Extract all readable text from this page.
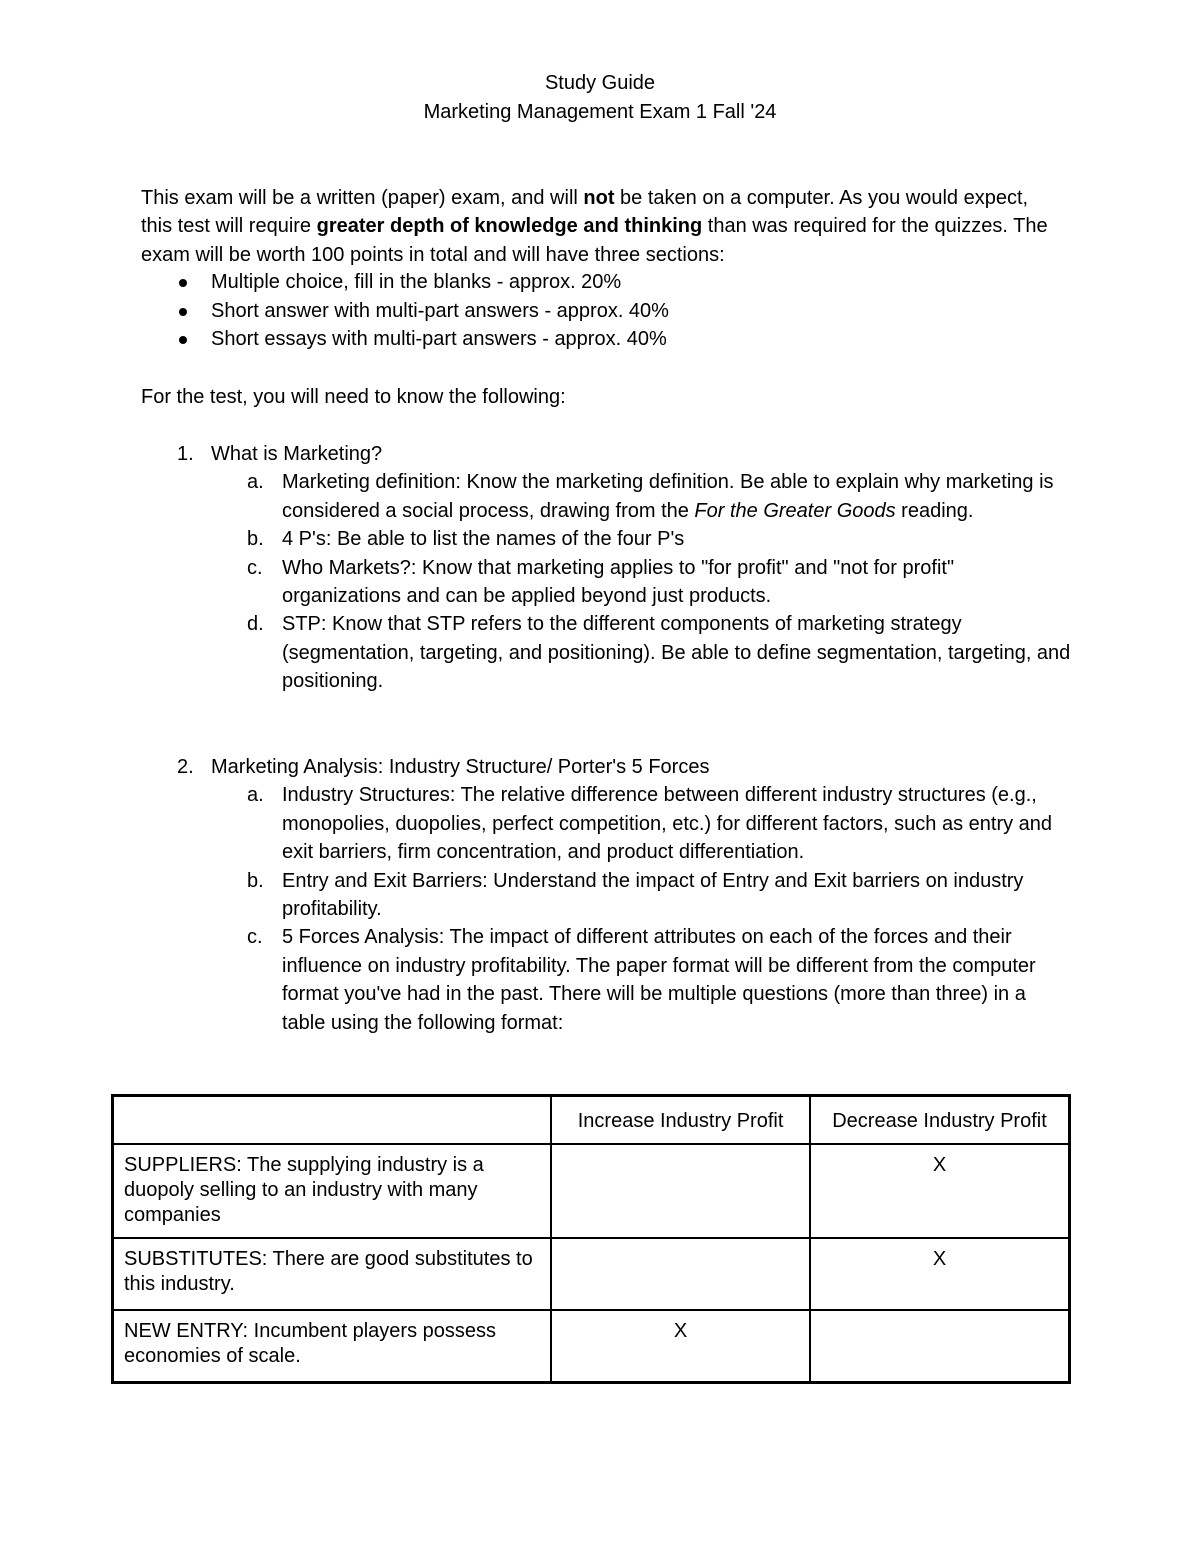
Study Guide
Marketing Management Exam 1 Fall '24

This exam will be a written (paper) exam, and will not be taken on a computer. As you would expect, this test will require greater depth of knowledge and thinking than was required for the quizzes. The exam will be worth 100 points in total and will have three sections:

Multiple choice, fill in the blanks - approx. 20%
Short answer with multi-part answers - approx. 40%
Short essays with multi-part answers - approx. 40%

For the test, you will need to know the following:

1. What is Marketing?
a. Marketing definition: Know the marketing definition. Be able to explain why marketing is considered a social process, drawing from the For the Greater Goods reading.
b. 4 P's: Be able to list the names of the four P's
c. Who Markets?: Know that marketing applies to "for profit" and "not for profit" organizations and can be applied beyond just products.
d. STP: Know that STP refers to the different components of marketing strategy (segmentation, targeting, and positioning). Be able to define segmentation, targeting, and positioning.
2. Marketing Analysis: Industry Structure/ Porter's 5 Forces
a. Industry Structures: The relative difference between different industry structures (e.g., monopolies, duopolies, perfect competition, etc.) for different factors, such as entry and exit barriers, firm concentration, and product differentiation.
b. Entry and Exit Barriers: Understand the impact of Entry and Exit barriers on industry profitability.
c. 5 Forces Analysis: The impact of different attributes on each of the forces and their influence on industry profitability. The paper format will be different from the computer format you've had in the past. There will be multiple questions (more than three) in a table using the following format:
	Increase Industry Profit	Decrease Industry Profit
SUPPLIERS: The supplying industry is a duopoly selling to an industry with many companies		X
SUBSTITUTES: There are good substitutes to this industry.		X
NEW ENTRY: Incumbent players possess economies of scale.	X	
